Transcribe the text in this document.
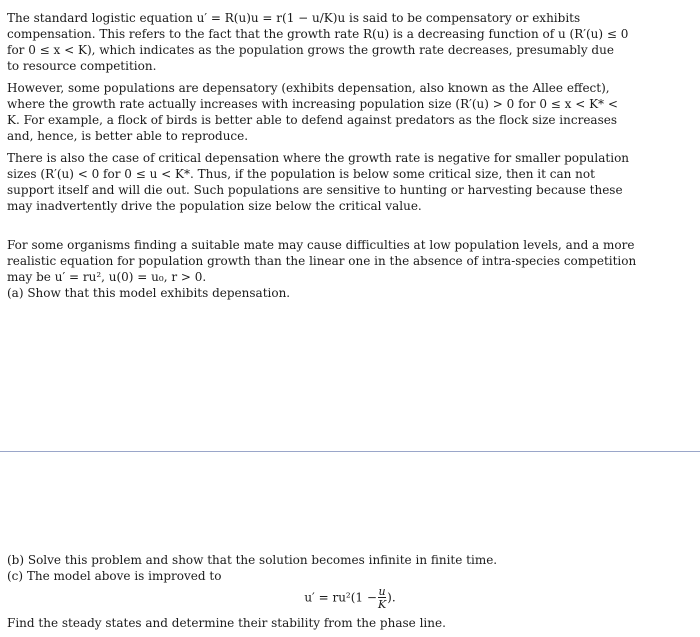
The standard logistic equation u′ = R(u)u = r(1 − u/K)u is said to be compensatory or exhibits
compensation. This refers to the fact that the growth rate R(u) is a decreasing function of u (R′(u) ≤ 0
for 0 ≤ x < K), which indicates as the population grows the growth rate decreases, presumably due
to resource competition.

However, some populations are depensatory (exhibits depensation, also known as the Allee effect),
where the growth rate actually increases with increasing population size (R′(u) > 0 for 0 ≤ x < K* <
K. For example, a flock of birds is better able to defend against predators as the flock size increases
and, hence, is better able to reproduce.

There is also the case of critical depensation where the growth rate is negative for smaller population
sizes (R′(u) < 0 for 0 ≤ u < K*. Thus, if the population is below some critical size, then it can not
support itself and will die out. Such populations are sensitive to hunting or harvesting because these
may inadvertently drive the population size below the critical value.

For some organisms finding a suitable mate may cause difficulties at low population levels, and a more
realistic equation for population growth than the linear one in the absence of intra-species competition
may be u′ = ru², u(0) = u₀, r > 0.
(a) Show that this model exhibits depensation.

(b) Solve this problem and show that the solution becomes infinite in finite time.
(c) The model above is improved to

$u' = ru^2(1 - \frac{u}{K}$ ).

Find the steady states and determine their stability from the phase line.
